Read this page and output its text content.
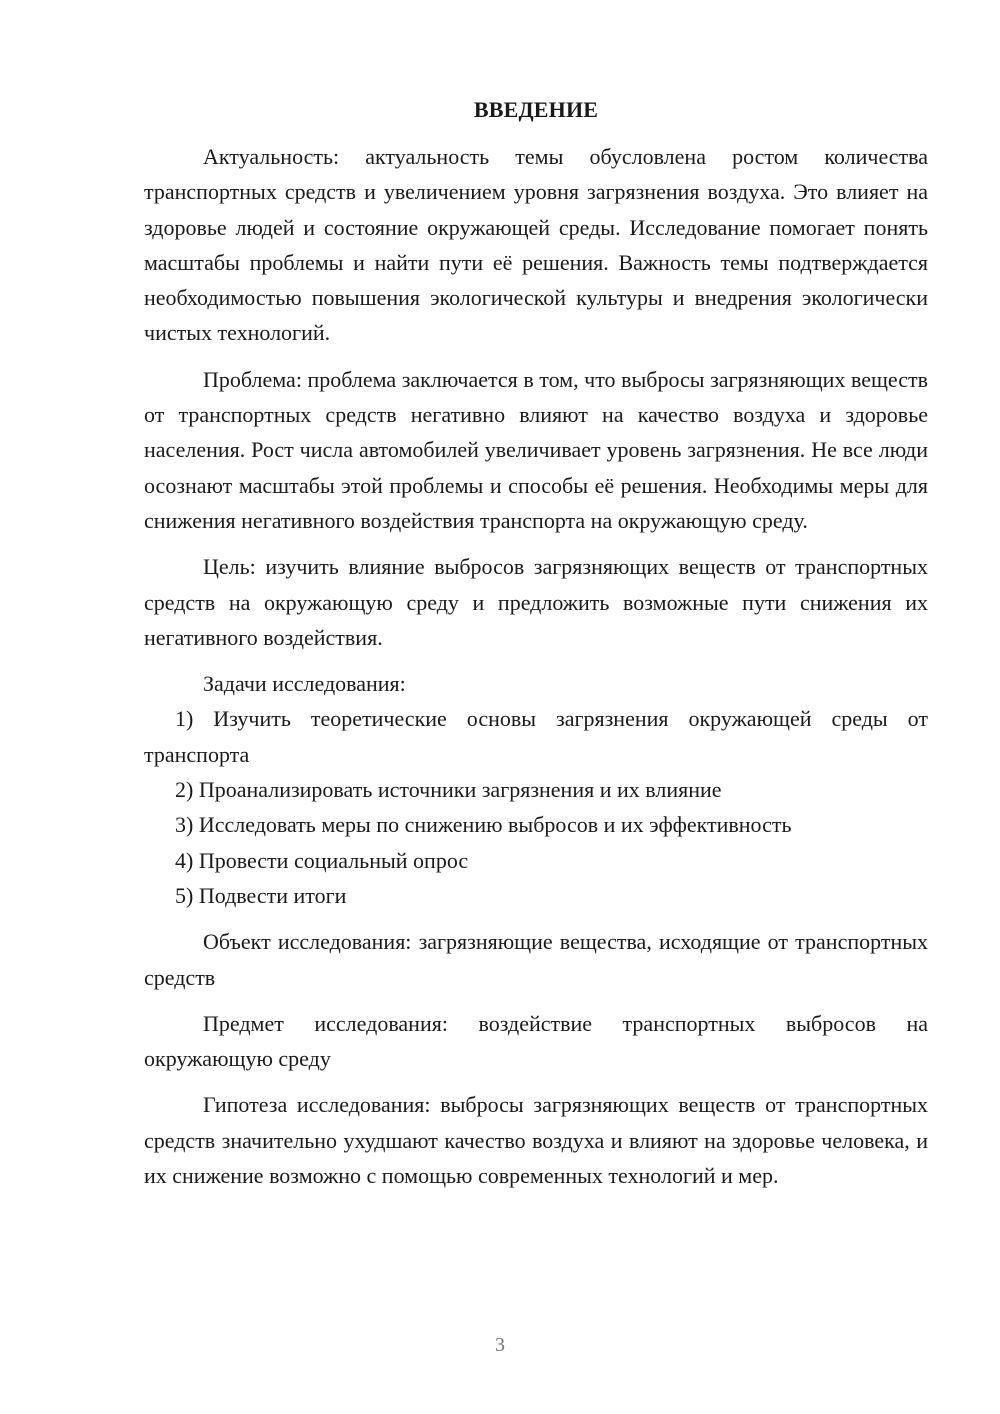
ВВЕДЕНИЕ

Актуальность: актуальность темы обусловлена ростом количества транспортных средств и увеличением уровня загрязнения воздуха. Это влияет на здоровье людей и состояние окружающей среды. Исследование помогает понять масштабы проблемы и найти пути её решения. Важность темы подтверждается необходимостью повышения экологической культуры и внедрения экологически чистых технологий.

Проблема: проблема заключается в том, что выбросы загрязняющих веществ от транспортных средств негативно влияют на качество воздуха и здоровье населения. Рост числа автомобилей увеличивает уровень загрязнения. Не все люди осознают масштабы этой проблемы и способы её решения. Необходимы меры для снижения негативного воздействия транспорта на окружающую среду.

Цель: изучить влияние выбросов загрязняющих веществ от транспортных средств на окружающую среду и предложить возможные пути снижения их негативного воздействия.

Задачи исследования:

1) Изучить теоретические основы загрязнения окружающей среды от транспорта

2) Проанализировать источники загрязнения и их влияние

3) Исследовать меры по снижению выбросов и их эффективность

4) Провести социальный опрос

5) Подвести итоги

Объект исследования: загрязняющие вещества, исходящие от транспортных средств

Предмет исследования: воздействие транспортных выбросов на окружающую среду

Гипотеза исследования: выбросы загрязняющих веществ от транспортных средств значительно ухудшают качество воздуха и влияют на здоровье человека, и их снижение возможно с помощью современных технологий и мер.

3
